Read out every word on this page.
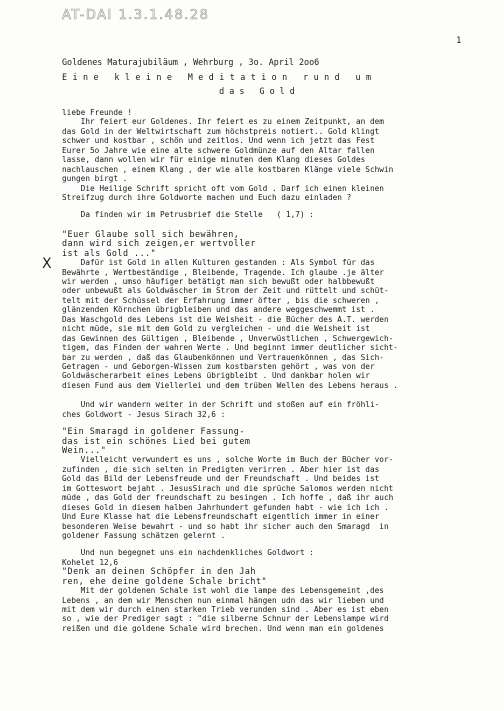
AT-DAI 1.3.1.48.28
1
Goldenes Maturajubiläum , Wehrburg , 3o. April 2oo6
E i n e   k l e i n e   M e d i t a t i o n   r u n d   u m
d a s   G o l d
X
liebe Freunde !
Ihr feiert eur Goldenes. Ihr feiert es zu einem Zeitpunkt, an dem
das Gold in der Weltwirtschaft zum höchstpreis notiert.. Gold klingt
schwer und kostbar , schön und zeitlos. Und wenn ich jetzt das Fest
Eurer 5o Jahre wie eine alte schwere Goldmünze auf den Altar fallen
lasse, dann wollen wir für einige minuten dem Klang dieses Goldes
nachlauschen , einem Klang , der wie alle kostbaren Klänge viele Schwin
gungen birgt .
Die Heilige Schrift spricht oft vom Gold . Darf ich einen kleinen
Streifzug durch ihre Goldworte machen und Euch dazu einladen ?
Da finden wir im Petrusbrief die Stelle   ( 1,7) :
"Euer Glaube soll sich bewähren,
dann wird sich zeigen,er wertvoller
ist als Gold ..."
Dafür ist Gold in allen Kulturen gestanden : Als Symbol für das
Bewährte , Wertbeständige , Bleibende, Tragende. Ich glaube .je älter
wir werden , umso häufiger betätigt man sich bewußt oder halbbewußt
oder unbewußt als Goldwäscher im Strom der Zeit und rüttelt und schüt-
telt mit der Schüssel der Erfahrung immer öfter , bis die schweren ,
glänzenden Körnchen übrigbleiben und das andere weggeschwemmt ist .
Das Waschgold des Lebens ist die Weisheit - die Bücher des A.T. werden
nicht müde, sie mit dem Gold zu vergleichen - und die Weisheit ist
das Gewinnen des Gültigen , Bleibende , Unverwüstlichen , Schwergewich-
tigem, das Finden der wahren Werte . Und beginnt immer deutlicher sicht-
bar zu werden , daß das Glaubenkönnen und Vertrauenkönnen , das Sich-
Getragen - und Geborgen-Wissen zum kostbarsten gehört , was von der
Goldwäscherarbeit eines Lebens übrigbleibt . Und dankbar holen wir
diesen Fund aus dem Viellerlei und dem trüben Wellen des Lebens heraus .
Und wir wandern weiter in der Schrift und stoßen auf ein fröhli-
ches Goldwort - Jesus Sirach 32,6 :
"Ein Smaragd in goldener Fassung-
das ist ein schönes Lied bei gutem
Wein..."
Vielleicht verwundert es uns , solche Worte im Buch der Bücher vor-
zufinden , die sich selten in Predigten verirren . Aber hier ist das
Gold das Bild der Lebensfreude und der Freundschaft . Und beides ist
im Gotteswort bejaht . JesusSirach und die sprüche Salomos werden nicht
müde , das Gold der freundschaft zu besingen . Ich hoffe , daß ihr auch
dieses Gold in diesem halben Jahrhundert gefunden habt - wie ich ich .
Und Eure Klasse hat die Lebensfreundschaft eigentlich immer in einer
besonderen Weise bewahrt - und so habt ihr sicher auch den Smaragd  in
goldener Fassung schätzen gelernt .
Und nun begegnet uns ein nachdenkliches Goldwort :
Kohelet 12,6
"Denk an deinen Schöpfer in den Jah
ren, ehe deine goldene Schale bricht"
Mit der goldenen Schale ist wohl die lampe des Lebensgemeint ,des
Lebens , an dem wir Menschen nun einmal hängen udn das wir lieben und
mit dem wir durch einen starken Trieb verunden sind . Aber es ist eben
so , wie der Prediger sagt : "die silberne Schnur der Lebenslampe wird
reißen und die goldene Schale wird brechen. Und wenn man ein goldenes
